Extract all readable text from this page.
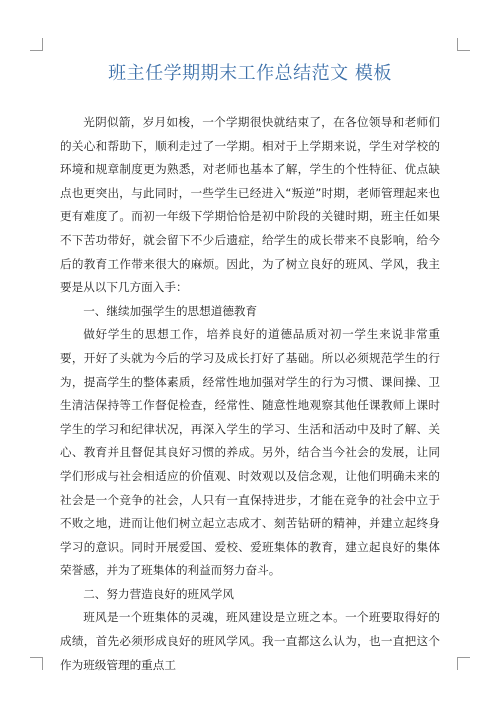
班主任学期期末工作总结范文 模板

光阴似箭，岁月如梭，一个学期很快就结束了，在各位领导和老师们的关心和帮助下，顺利走过了一学期。相对于上学期来说，学生对学校的环境和规章制度更为熟悉，对老师也基本了解，学生的个性特征、优点缺点也更突出，与此同时，一些学生已经进入“叛逆”时期，老师管理起来也更有难度了。而初一年级下学期恰恰是初中阶段的关键时期，班主任如果不下苦功带好，就会留下不少后遗症，给学生的成长带来不良影响，给今后的教育工作带来很大的麻烦。因此，为了树立良好的班风、学风，我主要是从以下几方面入手：

一、继续加强学生的思想道德教育

做好学生的思想工作，培养良好的道德品质对初一学生来说非常重要，开好了头就为今后的学习及成长打好了基础。所以必须规范学生的行为，提高学生的整体素质，经常性地加强对学生的行为习惯、课间操、卫生清洁保持等工作督促检查，经常性、随意性地观察其他任课教师上课时学生的学习和纪律状况，再深入学生的学习、生活和活动中及时了解、关心、教育并且督促其良好习惯的养成。另外，结合当今社会的发展，让同学们形成与社会相适应的价值观、时效观以及信念观，让他们明确未来的社会是一个竞争的社会，人只有一直保持进步，才能在竞争的社会中立于不败之地，进而让他们树立起立志成才、刻苦钻研的精神，并建立起终身学习的意识。同时开展爱国、爱校、爱班集体的教育，建立起良好的集体荣誉感，并为了班集体的利益而努力奋斗。

二、努力营造良好的班风学风

班风是一个班集体的灵魂，班风建设是立班之本。一个班要取得好的成绩，首先必须形成良好的班风学风。我一直都这么认为，也一直把这个作为班级管理的重点工
